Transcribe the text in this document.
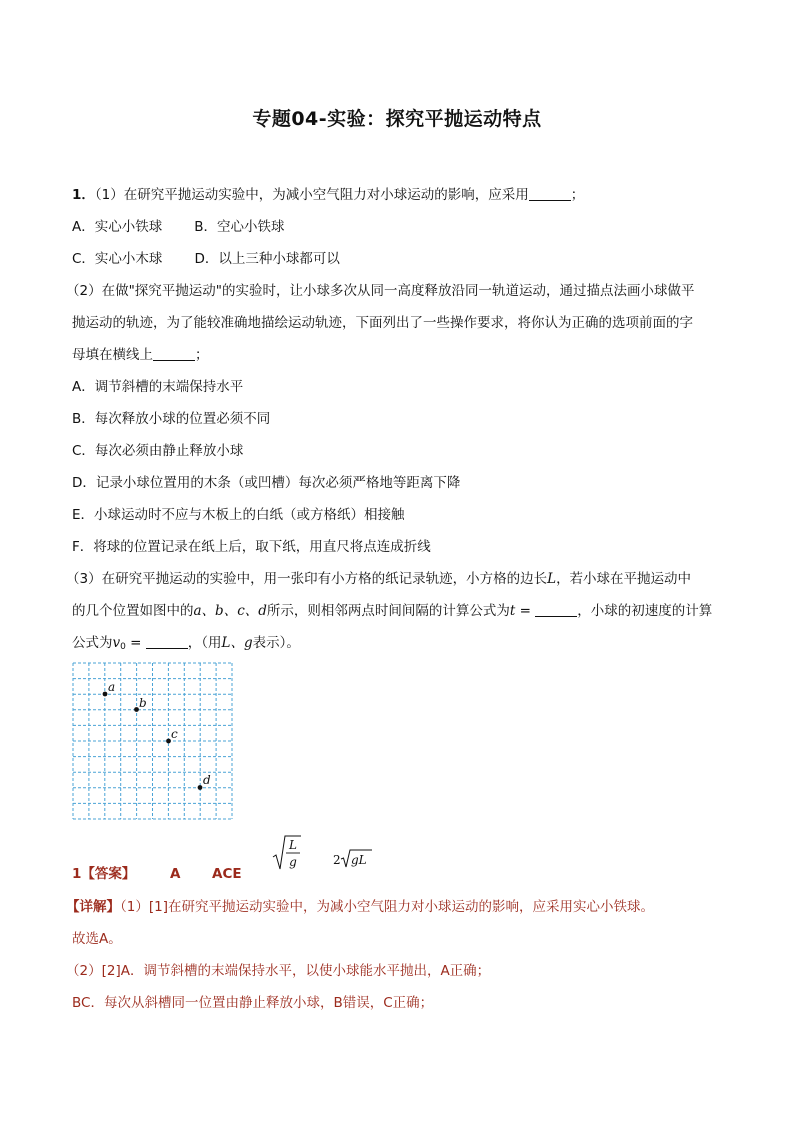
专题04-实验：探究平抛运动特点
1．（1）在研究平抛运动实验中，为减小空气阻力对小球运动的影响，应采用	；
A．实心小铁球 B．空心小铁球
C．实心小木球 D．以上三种小球都可以
（2）在做"探究平抛运动"的实验时，让小球多次从同一高度释放沿同一轨道运动，通过描点法画小球做平
抛运动的轨迹，为了能较准确地描绘运动轨迹，下面列出了一些操作要求，将你认为正确的选项前面的字
母填在横线上	；
A．调节斜槽的末端保持水平
B．每次释放小球的位置必须不同
C．每次必须由静止释放小球
D．记录小球位置用的木条（或凹槽）每次必须严格地等距离下降
E．小球运动时不应与木板上的白纸（或方格纸）相接触
F．将球的位置记录在纸上后，取下纸，用直尺将点连成折线
（3）在研究平抛运动的实验中，用一张印有小方格的纸记录轨迹，小方格的边长L，若小球在平抛运动中
的几个位置如图中的a、b、c、d所示，则相邻两点时间间隔的计算公式为t =	，小球的初速度的计算
公式为$v_0$ =	，（用L、g表示）。
a
b
c
d
1【答案】	A ACE
L
g	2 gL
【详解】（1）[1]在研究平抛运动实验中，为减小空气阻力对小球运动的影响，应采用实心小铁球。
故选A。
（2）[2]A．调节斜槽的末端保持水平，以使小球能水平抛出，A正确；
BC．每次从斜槽同一位置由静止释放小球，B错误，C正确；
